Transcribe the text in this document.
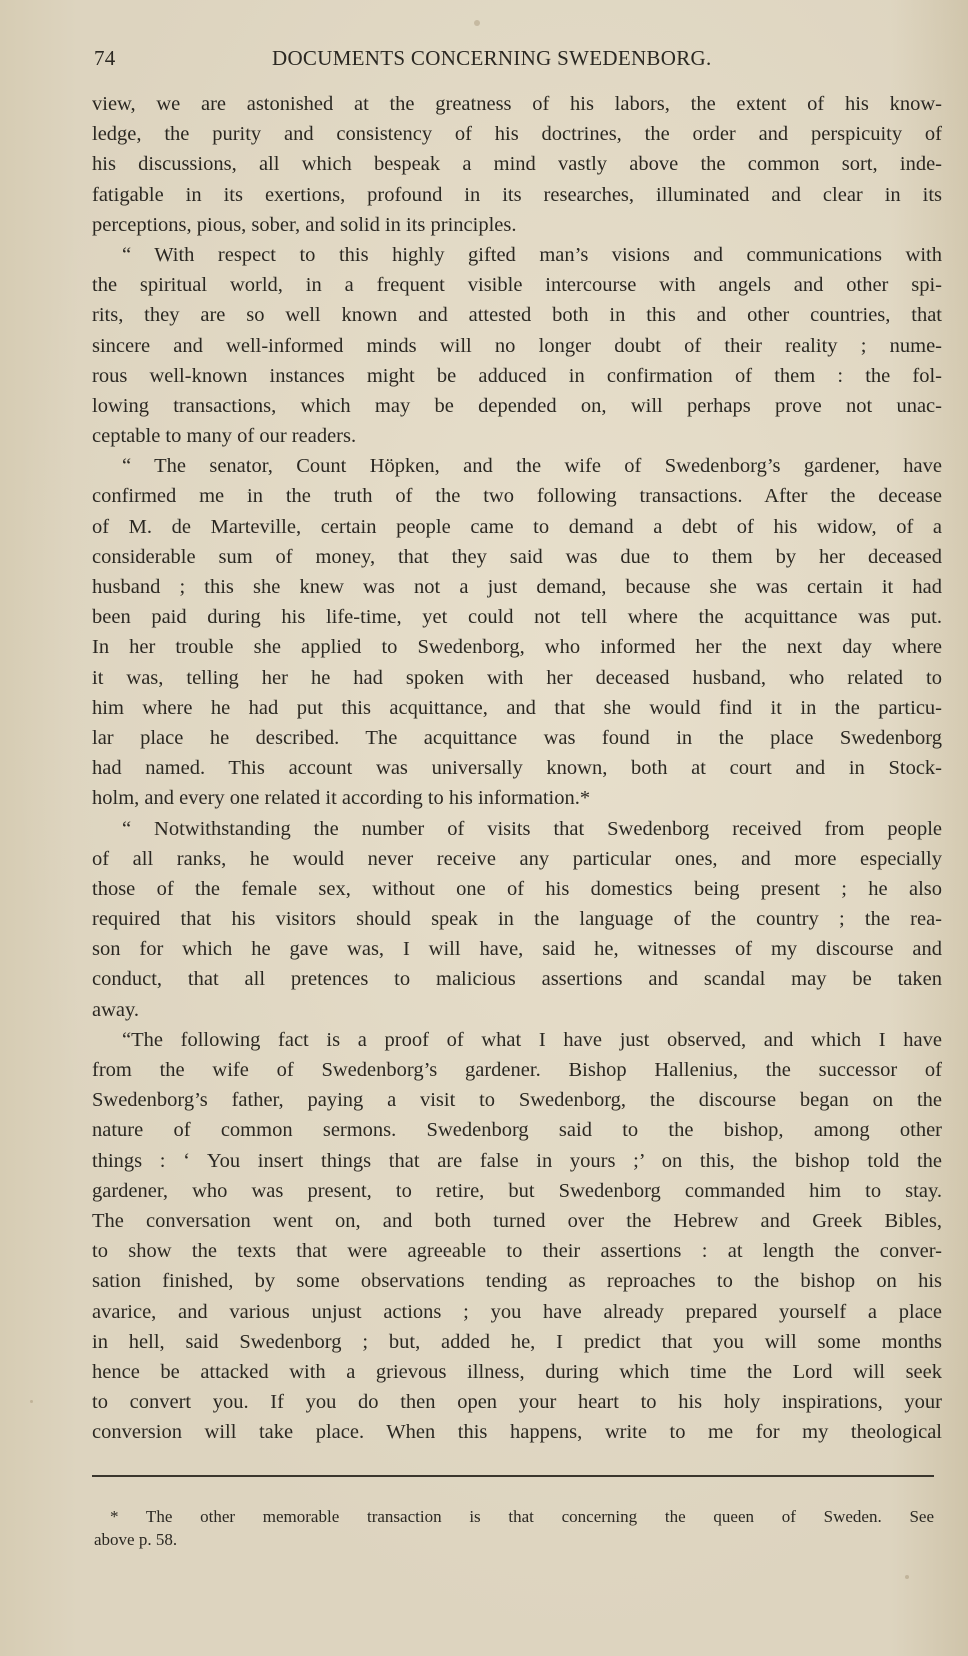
74	DOCUMENTS CONCERNING SWEDENBORG.
view, we are astonished at the greatness of his labors, the extent of his know-
ledge, the purity and consistency of his doctrines, the order and perspicuity of
his discussions, all which bespeak a mind vastly above the common sort, inde-
fatigable in its exertions, profound in its researches, illuminated and clear in its
perceptions, pious, sober, and solid in its principles.
“ With respect to this highly gifted man’s visions and communications with
the spiritual world, in a frequent visible intercourse with angels and other spi-
rits, they are so well known and attested both in this and other countries, that
sincere and well-informed minds will no longer doubt of their reality ; nume-
rous well-known instances might be adduced in confirmation of them : the fol-
lowing transactions, which may be depended on, will perhaps prove not unac-
ceptable to many of our readers.
“ The senator, Count Höpken, and the wife of Swedenborg’s gardener, have
confirmed me in the truth of the two following transactions. After the decease
of M. de Marteville, certain people came to demand a debt of his widow, of a
considerable sum of money, that they said was due to them by her deceased
husband ; this she knew was not a just demand, because she was certain it had
been paid during his life-time, yet could not tell where the acquittance was put.
In her trouble she applied to Swedenborg, who informed her the next day where
it was, telling her he had spoken with her deceased husband, who related to
him where he had put this acquittance, and that she would find it in the particu-
lar place he described. The acquittance was found in the place Swedenborg
had named. This account was universally known, both at court and in Stock-
holm, and every one related it according to his information.*
“ Notwithstanding the number of visits that Swedenborg received from people
of all ranks, he would never receive any particular ones, and more especially
those of the female sex, without one of his domestics being present ; he also
required that his visitors should speak in the language of the country ; the rea-
son for which he gave was, I will have, said he, witnesses of my discourse and
conduct, that all pretences to malicious assertions and scandal may be taken
away.
“The following fact is a proof of what I have just observed, and which I have
from the wife of Swedenborg’s gardener. Bishop Hallenius, the successor of
Swedenborg’s father, paying a visit to Swedenborg, the discourse began on the
nature of common sermons. Swedenborg said to the bishop, among other
things : ‘ You insert things that are false in yours ;’ on this, the bishop told the
gardener, who was present, to retire, but Swedenborg commanded him to stay.
The conversation went on, and both turned over the Hebrew and Greek Bibles,
to show the texts that were agreeable to their assertions : at length the conver-
sation finished, by some observations tending as reproaches to the bishop on his
avarice, and various unjust actions ; you have already prepared yourself a place
in hell, said Swedenborg ; but, added he, I predict that you will some months
hence be attacked with a grievous illness, during which time the Lord will seek
to convert you. If you do then open your heart to his holy inspirations, your
conversion will take place. When this happens, write to me for my theological
* The other memorable transaction is that concerning the queen of Sweden. See
above p. 58.
